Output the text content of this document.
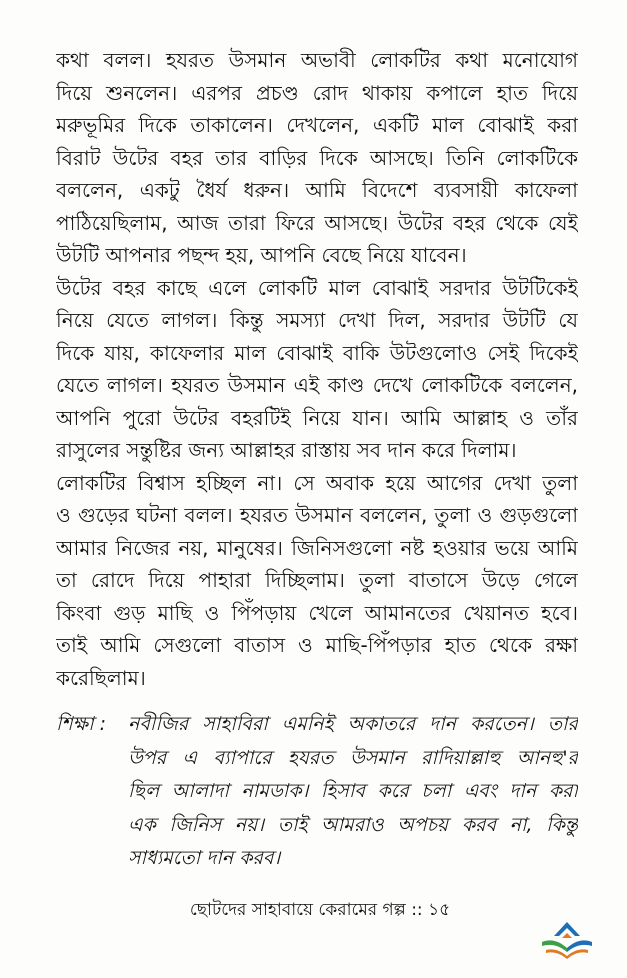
কথা বলল। হযরত উসমান অভাবী লোকটির কথা মনোযোগ
দিয়ে শুনলেন। এরপর প্রচণ্ড রোদ থাকায় কপালে হাত দিয়ে
মরুভূমির দিকে তাকালেন। দেখলেন, একটি মাল বোঝাই করা
বিরাট উটের বহর তার বাড়ির দিকে আসছে। তিনি লোকটিকে
বললেন, একটু ধৈর্য ধরুন। আমি বিদেশে ব্যবসায়ী কাফেলা
পাঠিয়েছিলাম, আজ তারা ফিরে আসছে। উটের বহর থেকে যেই
উটটি আপনার পছন্দ হয়, আপনি বেছে নিয়ে যাবেন।
উটের বহর কাছে এলে লোকটি মাল বোঝাই সরদার উটটিকেই
নিয়ে যেতে লাগল। কিন্তু সমস্যা দেখা দিল, সরদার উটটি যে
দিকে যায়, কাফেলার মাল বোঝাই বাকি উটগুলোও সেই দিকেই
যেতে লাগল। হযরত উসমান এই কাণ্ড দেখে লোকটিকে বললেন,
আপনি পুরো উটের বহরটিই নিয়ে যান। আমি আল্লাহ ও তাঁর
রাসুলের সন্তুষ্টির জন্য আল্লাহর রাস্তায় সব দান করে দিলাম।
লোকটির বিশ্বাস হচ্ছিল না। সে অবাক হয়ে আগের দেখা তুলা
ও গুড়ের ঘটনা বলল। হযরত উসমান বললেন, তুলা ও গুড়গুলো
আমার নিজের নয়, মানুষের। জিনিসগুলো নষ্ট হওয়ার ভয়ে আমি
তা রোদে দিয়ে পাহারা দিচ্ছিলাম। তুলা বাতাসে উড়ে গেলে
কিংবা গুড় মাছি ও পিঁপড়ায় খেলে আমানতের খেয়ানত হবে।
তাই আমি সেগুলো বাতাস ও মাছি-পিঁপড়ার হাত থেকে রক্ষা
করেছিলাম।
শিক্ষা :	নবীজির সাহাবিরা এমনিই অকাতরে দান করতেন। তার
উপর এ ব্যাপারে হযরত উসমান রাদিয়াল্লাহু আনহু'র
ছিল আলাদা নামডাক। হিসাব করে চলা এবং দান করা
এক জিনিস নয়। তাই আমরাও অপচয় করব না, কিন্তু
সাধ্যমতো দান করব।
ছোটদের সাহাবায়ে কেরামের গল্প :: ১৫
